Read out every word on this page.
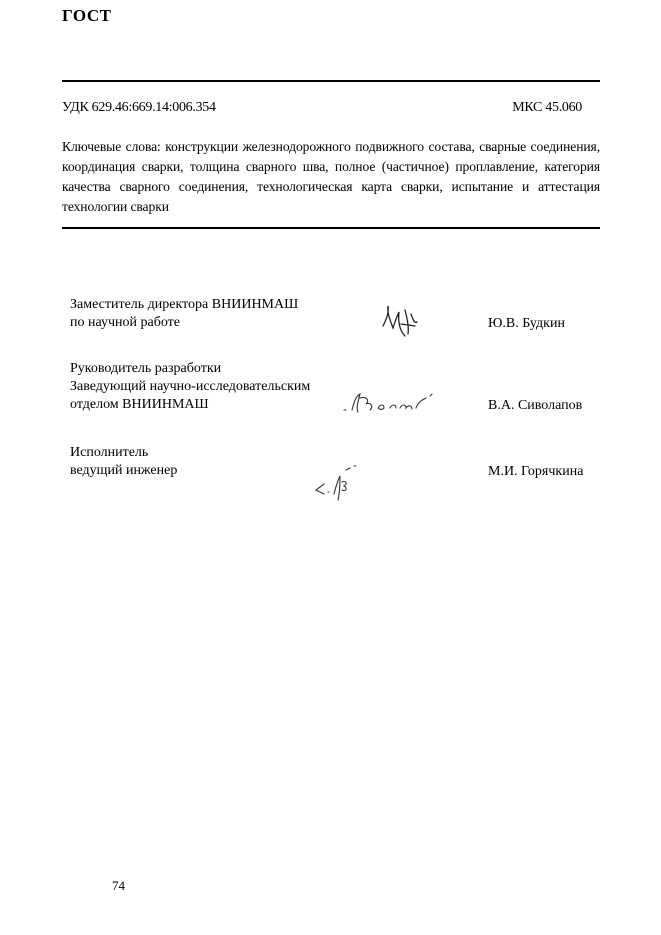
ГОСТ
УДК 629.46:669.14:006.354	МКС 45.060
Ключевые слова: конструкции железнодорожного подвижного состава, сварные соединения, координация сварки, толщина сварного шва, полное (частичное) проплавление, категория качества сварного соединения, технологическая карта сварки, испытание и аттестация технологии сварки
Заместитель директора ВНИИНМАШ
по научной работе	Ю.В. Будкин
Руководитель разработки
Заведующий научно-исследовательским
отделом ВНИИНМАШ	В.А. Сиволапов
Исполнитель
ведущий инженер	М.И. Горячкина
74
